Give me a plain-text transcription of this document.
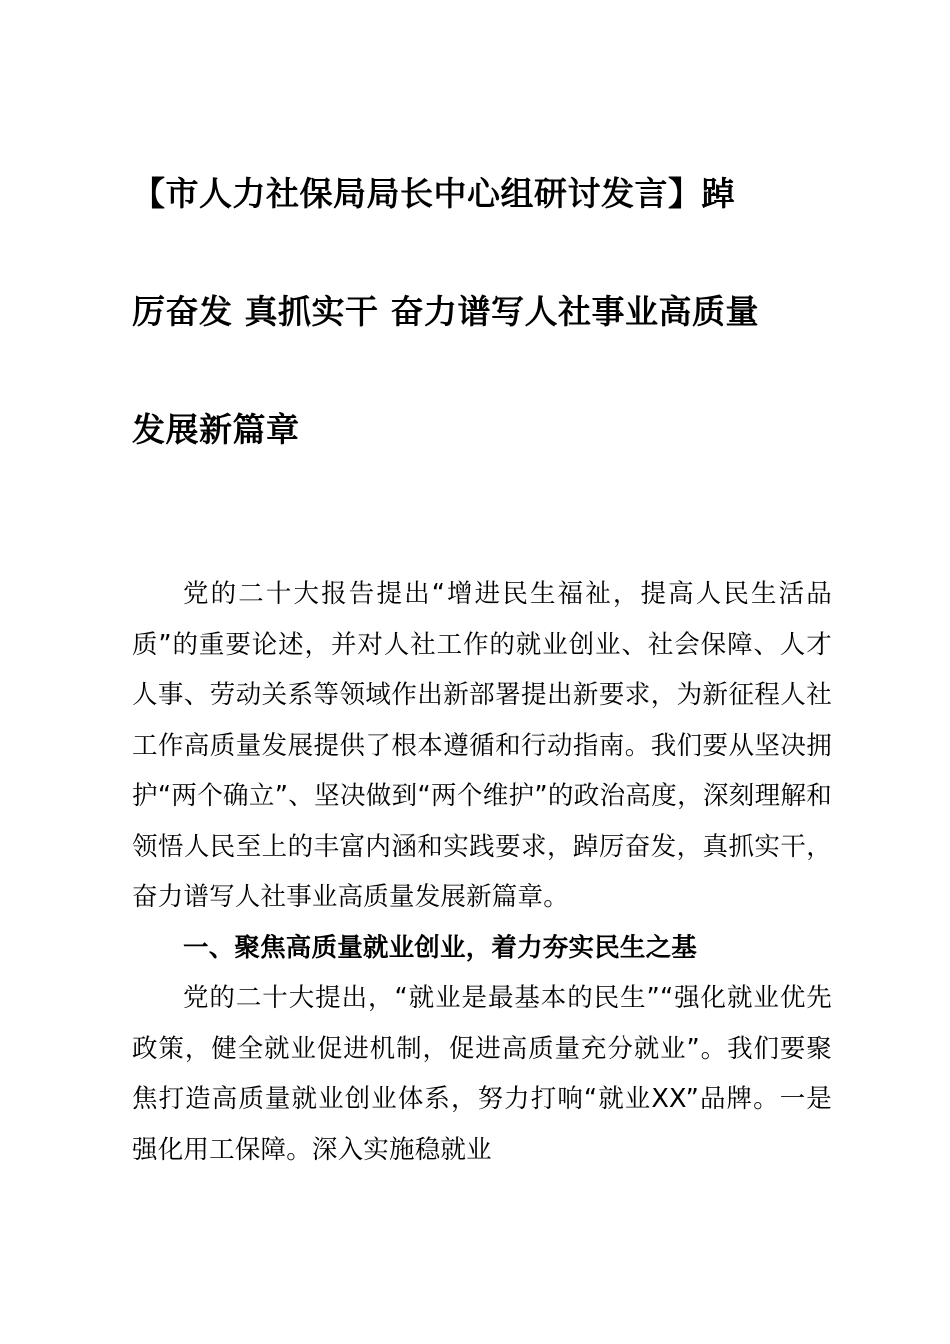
【市人力社保局局长中心组研讨发言】踔
厉奋发 真抓实干 奋力谱写人社事业高质量
发展新篇章

党的二十大报告提出“增进民生福祉，提高人民生活品质”的重要论述，并对人社工作的就业创业、社会保障、人才人事、劳动关系等领域作出新部署提出新要求，为新征程人社工作高质量发展提供了根本遵循和行动指南。我们要从坚决拥护“两个确立”、坚决做到“两个维护”的政治高度，深刻理解和领悟人民至上的丰富内涵和实践要求，踔厉奋发，真抓实干，奋力谱写人社事业高质量发展新篇章。

一、聚焦高质量就业创业，着力夯实民生之基

党的二十大提出，“就业是最基本的民生”“强化就业优先政策，健全就业促进机制，促进高质量充分就业”。我们要聚焦打造高质量就业创业体系，努力打响“就业XX”品牌。一是强化用工保障。深入实施稳就业
